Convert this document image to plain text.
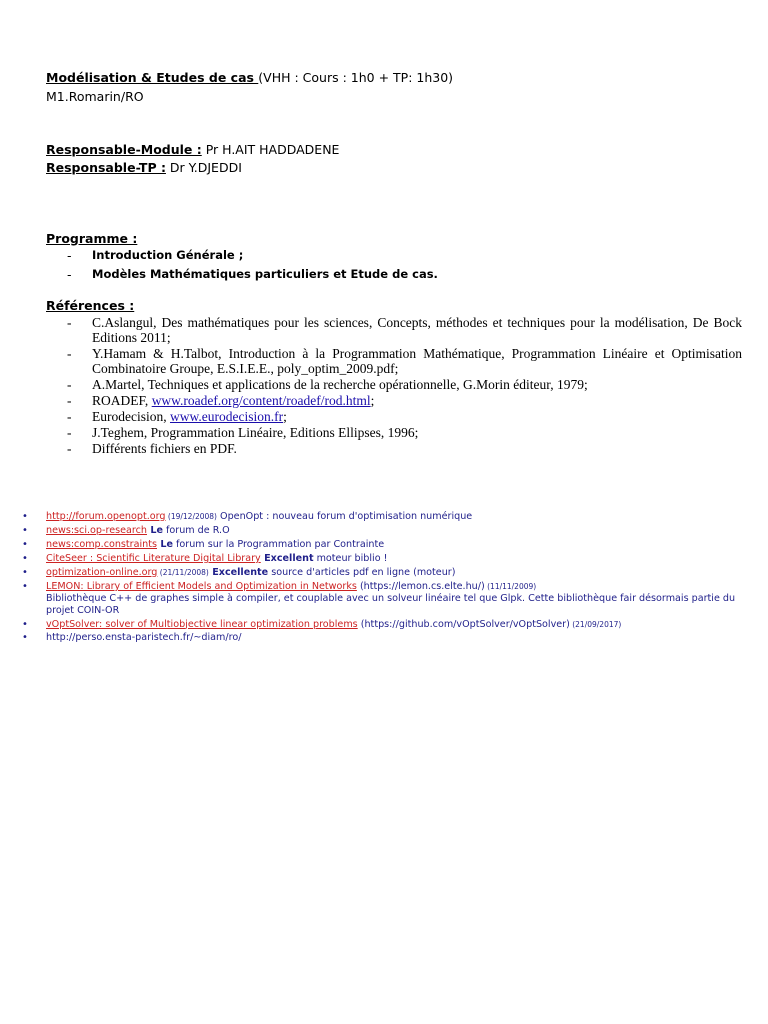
Modélisation & Etudes de cas (VHH : Cours : 1h0 + TP: 1h30)
M1.Romarin/RO
Responsable-Module : Pr H.AIT HADDADENE
Responsable-TP : Dr Y.DJEDDI
Programme :
- Introduction Générale ;
- Modèles Mathématiques particuliers et Etude de cas.
Références :
- C.Aslangul, Des mathématiques pour les sciences, Concepts, méthodes et techniques pour la modélisation, De Bock Editions 2011;
- Y.Hamam & H.Talbot, Introduction à la Programmation Mathématique, Programmation Linéaire et Optimisation Combinatoire Groupe, E.S.I.E.E., poly_optim_2009.pdf;
- A.Martel, Techniques et applications de la recherche opérationnelle, G.Morin éditeur, 1979;
- ROADEF, www.roadef.org/content/roadef/rod.html;
- Eurodecision, www.eurodecision.fr;
- J.Teghem, Programmation Linéaire, Editions Ellipses, 1996;
- Différents fichiers en PDF.
• http://forum.openopt.org (19/12/2008) OpenOpt : nouveau forum d'optimisation numérique
• news:sci.op-research Le forum de R.O
• news:comp.constraints Le forum sur la Programmation par Contrainte
• CiteSeer : Scientific Literature Digital Library Excellent moteur biblio !
• optimization-online.org (21/11/2008) Excellente source d'articles pdf en ligne (moteur)
• LEMON: Library of Efficient Models and Optimization in Networks (https://lemon.cs.elte.hu/) (11/11/2009)
Bibliothèque C++ de graphes simple à compiler, et couplable avec un solveur linéaire tel que Glpk. Cette bibliothèque fair désormais partie du projet COIN-OR
• vOptSolver: solver of Multiobjective linear optimization problems (https://github.com/vOptSolver/vOptSolver) (21/09/2017)
• http://perso.ensta-paristech.fr/~diam/ro/
